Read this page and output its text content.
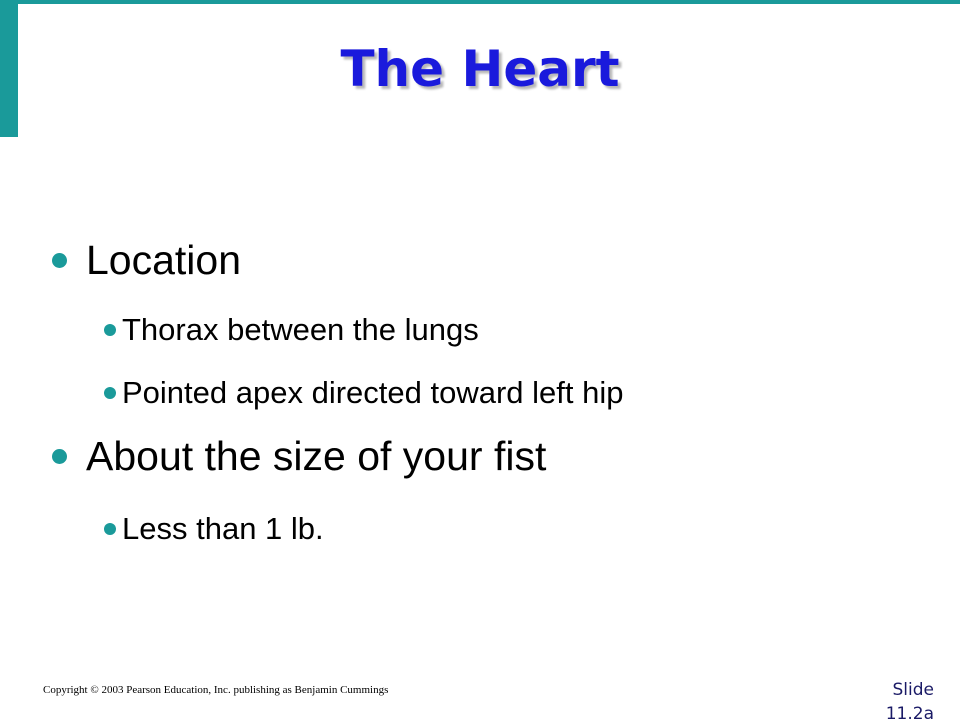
The Heart
Location
Thorax between the lungs
Pointed apex directed toward left hip
About the size of your fist
Less than 1 lb.
Copyright © 2003 Pearson Education, Inc. publishing as Benjamin Cummings	Slide
11.2a
